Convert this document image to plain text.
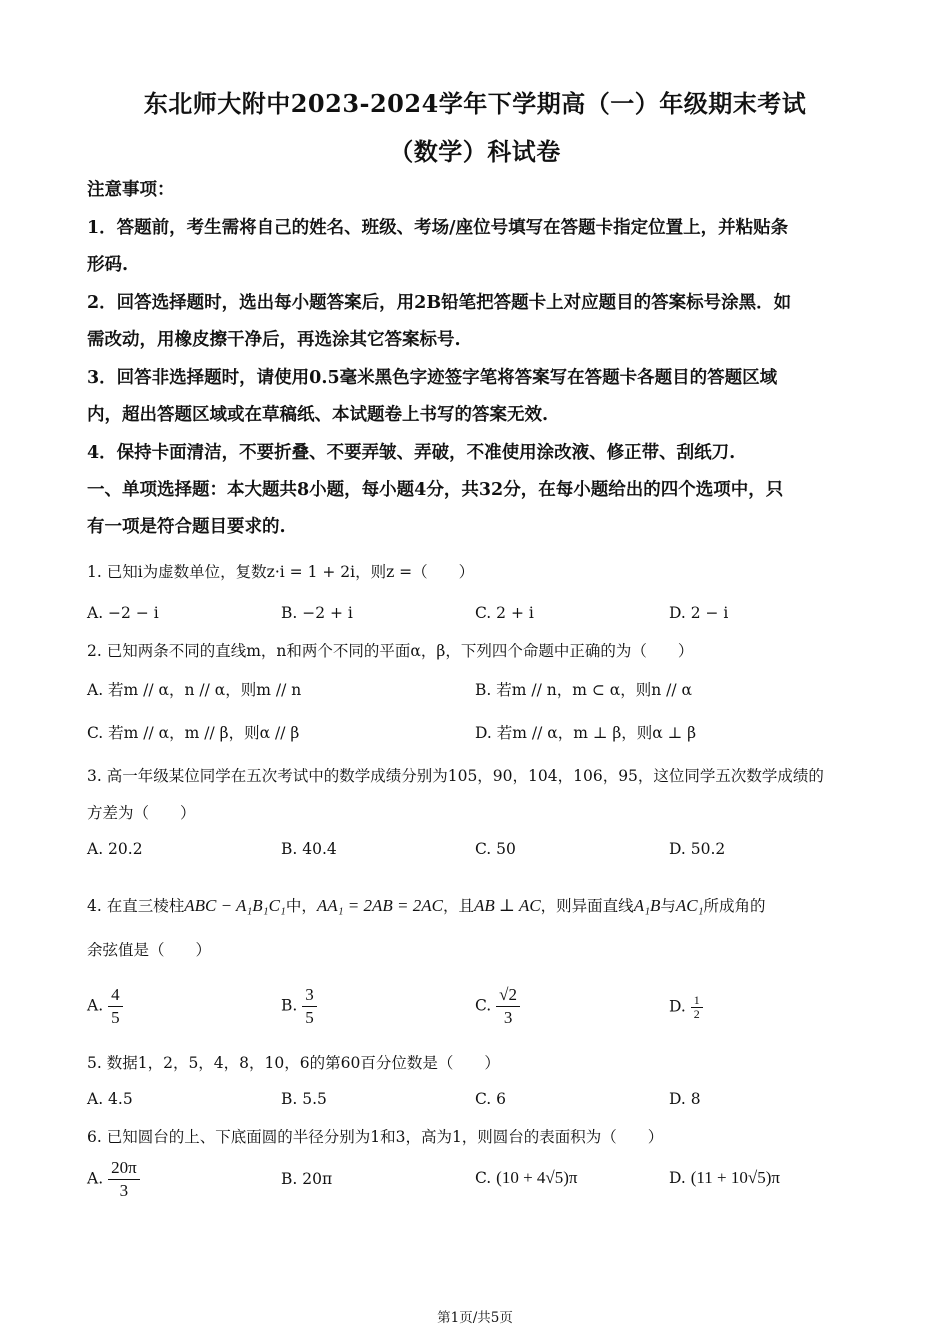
东北师大附中2023-2024学年下学期高（一）年级期末考试
（数学）科试卷
注意事项：
1．答题前，考生需将自己的姓名、班级、考场/座位号填写在答题卡指定位置上，并粘贴条
形码.
2．回答选择题时，选出每小题答案后，用2B铅笔把答题卡上对应题目的答案标号涂黑．如
需改动，用橡皮擦干净后，再选涂其它答案标号.
3．回答非选择题时，请使用0.5毫米黑色字迹签字笔将答案写在答题卡各题目的答题区域
内，超出答题区域或在草稿纸、本试题卷上书写的答案无效.
4．保持卡面清洁，不要折叠、不要弄皱、弄破，不准使用涂改液、修正带、刮纸刀.
一、单项选择题：本大题共8小题，每小题4分，共32分，在每小题给出的四个选项中，只
有一项是符合题目要求的.
1. 已知i为虚数单位，复数z·i = 1 + 2i，则z =（　　）
A. −2 − i	B. −2 + i	C. 2 + i	D. 2 − i
2. 已知两条不同的直线m，n和两个不同的平面α，β，下列四个命题中正确的为（　　）
A. 若m // α，n // α，则m // n	B. 若m // n，m ⊂ α，则n // α
C. 若m // α，m // β，则α // β	D. 若m // α，m ⊥ β，则α ⊥ β
3. 高一年级某位同学在五次考试中的数学成绩分别为105，90，104，106，95，这位同学五次数学成绩的
方差为（　　）
A. 20.2	B. 40.4	C. 50	D. 50.2
4. 在直三棱柱ABC − A₁B₁C₁中，AA₁ = 2AB = 2AC，且AB ⊥ AC，则异面直线A₁B与AC₁所成角的
余弦值是（　　）
A. $\frac{4}{5}$	B. $\frac{3}{5}$	C. $\frac{√2}{3}$	D. $\frac{1}{2}$
5. 数据1，2，5，4，8，10，6的第60百分位数是（　　）
A. 4.5	B. 5.5	C. 6	D. 8
6. 已知圆台的上、下底面圆的半径分别为1和3，高为1，则圆台的表面积为（　　）
A. $\frac{20\pi}{3}$	B. 20π	C. (10 + 4√5)π	D. (11 + 10√5)π
第1页/共5页
